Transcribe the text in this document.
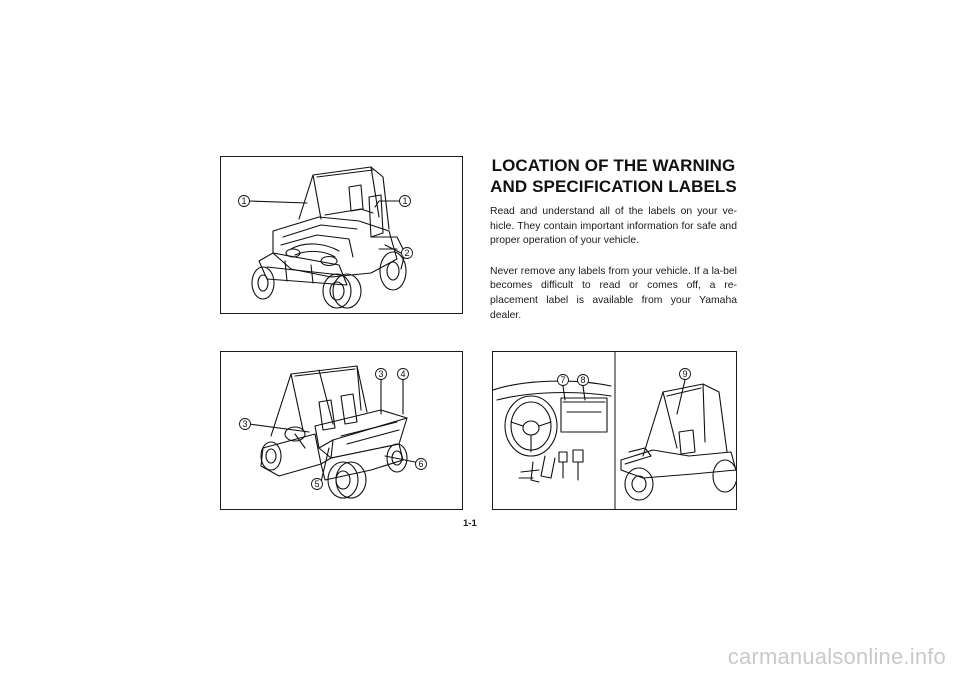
1	1
2
3 4
3
5
6
7 8
9
LOCATION OF THE WARNING
AND SPECIFICATION LABELS

Read and understand all of the labels on your ve-hicle. They contain important information for safe and proper operation of your vehicle.

Never remove any labels from your vehicle. If a la-bel becomes difficult to read or comes off, a re-placement label is available from your Yamaha dealer.

1-1
carmanualsonline.info
